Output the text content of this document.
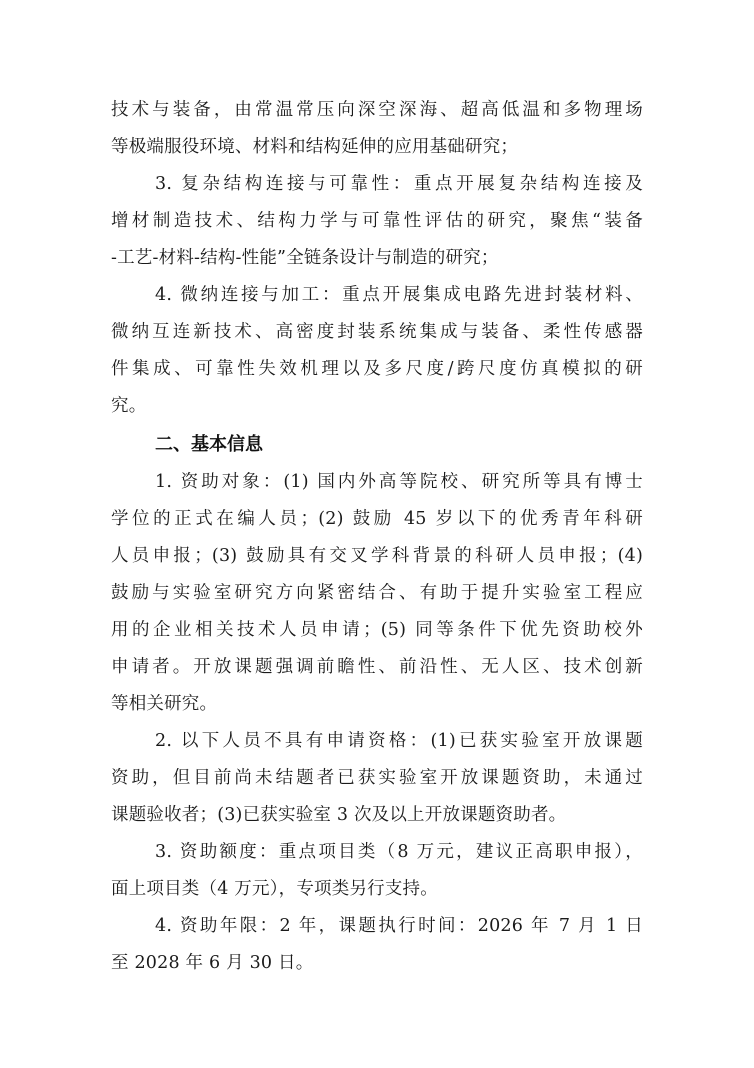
技术与装备，由常温常压向深空深海、超高低温和多物理场
等极端服役环境、材料和结构延伸的应用基础研究；
3. 复杂结构连接与可靠性：重点开展复杂结构连接及
增材制造技术、结构力学与可靠性评估的研究，聚焦“装备
-工艺-材料-结构-性能”全链条设计与制造的研究；
4. 微纳连接与加工：重点开展集成电路先进封装材料、
微纳互连新技术、高密度封装系统集成与装备、柔性传感器
件集成、可靠性失效机理以及多尺度/跨尺度仿真模拟的研
究。
二、基本信息
1. 资助对象：(1) 国内外高等院校、研究所等具有博士
学位的正式在编人员；(2) 鼓励 45 岁以下的优秀青年科研
人员申报；(3) 鼓励具有交叉学科背景的科研人员申报；(4)
鼓励与实验室研究方向紧密结合、有助于提升实验室工程应
用的企业相关技术人员申请；(5) 同等条件下优先资助校外
申请者。开放课题强调前瞻性、前沿性、无人区、技术创新
等相关研究。
2. 以下人员不具有申请资格：(1)已获实验室开放课题
资助，但目前尚未结题者已获实验室开放课题资助，未通过
课题验收者；(3)已获实验室 3 次及以上开放课题资助者。
3. 资助额度：重点项目类（8 万元，建议正高职申报），
面上项目类（4 万元），专项类另行支持。
4. 资助年限：2 年，课题执行时间：2026 年 7 月 1 日
至 2028 年 6 月 30 日。
